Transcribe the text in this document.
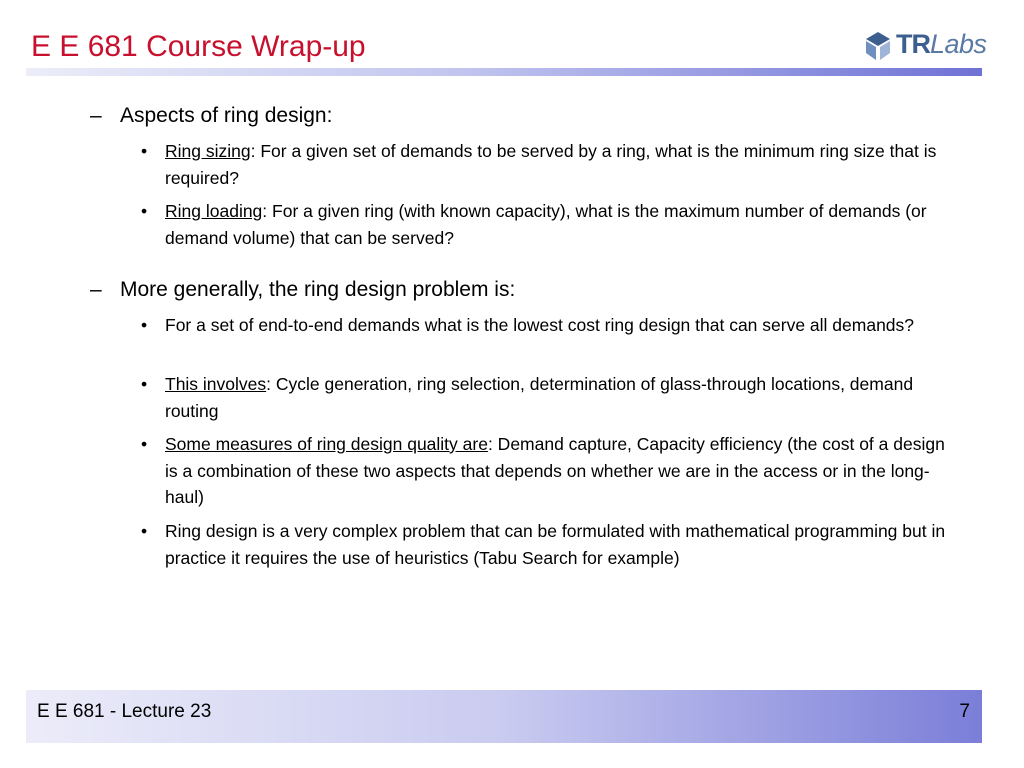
E E 681 Course Wrap-up	TRLabs
– Aspects of ring design:
• Ring sizing: For a given set of demands to be served by a ring, what is the minimum ring size that is required?
• Ring loading: For a given ring (with known capacity), what is the maximum number of demands (or demand volume) that can be served?
– More generally, the ring design problem is:
• For a set of end-to-end demands what is the lowest cost ring design that can serve all demands?
• This involves: Cycle generation, ring selection, determination of glass-through locations, demand routing
• Some measures of ring design quality are: Demand capture, Capacity efficiency (the cost of a design is a combination of these two aspects that depends on whether we are in the access or in the long-haul)
• Ring design is a very complex problem that can be formulated with mathematical programming but in practice it requires the use of heuristics (Tabu Search for example)
E E 681 - Lecture 23	7
